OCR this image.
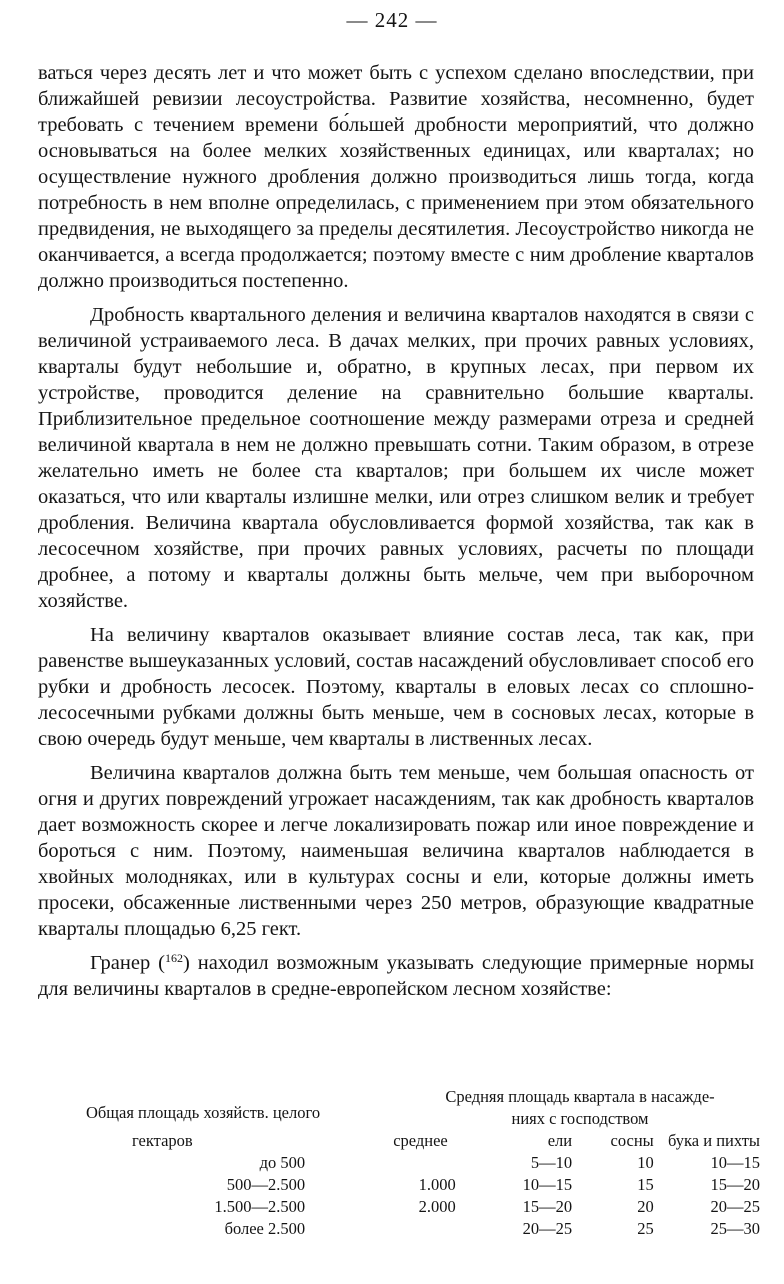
— 242 —

ваться через десять лет и что может быть с успехом сделано впоследствии, при ближайшей ревизии лесоустройства. Развитие хозяйства, несомненно, будет требовать с течением времени бо́льшей дробности мероприятий, что должно основываться на более мелких хозяйственных единицах, или кварталах; но осуществление нужного дробления должно производиться лишь тогда, когда потребность в нем вполне определилась, с применением при этом обязательного предвидения, не выходящего за пределы десятилетия. Лесоустройство никогда не оканчивается, а всегда продолжается; поэтому вместе с ним дробление кварталов должно производиться постепенно.

Дробность квартального деления и величина кварталов находятся в связи с величиной устраиваемого леса. В дачах мелких, при прочих равных условиях, кварталы будут небольшие и, обратно, в крупных лесах, при первом их устройстве, проводится деление на сравнительно большие кварталы. Приблизительное предельное соотношение между размерами отреза и средней величиной квартала в нем не должно превышать сотни. Таким образом, в отрезе желательно иметь не более ста кварталов; при большем их числе может оказаться, что или кварталы излишне мелки, или отрез слишком велик и требует дробления. Величина квартала обусловливается формой хозяйства, так как в лесосечном хозяйстве, при прочих равных условиях, расчеты по площади дробнее, а потому и кварталы должны быть мельче, чем при выборочном хозяйстве.

На величину кварталов оказывает влияние состав леса, так как, при равенстве вышеуказанных условий, состав насаждений обусловливает способ его рубки и дробность лесосек. Поэтому, кварталы в еловых лесах со сплошно-лесосечными рубками должны быть меньше, чем в сосновых лесах, которые в свою очередь будут меньше, чем кварталы в лиственных лесах.

Величина кварталов должна быть тем меньше, чем большая опасность от огня и других повреждений угрожает насаждениям, так как дробность кварталов дает возможность скорее и легче локализировать пожар или иное повреждение и бороться с ним. Поэтому, наименьшая величина кварталов наблюдается в хвойных молодняках, или в культурах сосны и ели, которые должны иметь просеки, обсаженные лиственными через 250 метров, образующие квадратные кварталы площадью 6,25 гект.

Гранер ($^{162}$) находил возможным указывать следующие примерные нормы для величины кварталов в средне-европейском лесном хозяйстве:

Общая площадь хозяйств. целого
Средняя площадь квартала в насажде-
ниях с господством
гектаров	среднее	ели	сосны	бука и пихты
до 500		5—10	10	10—15
500—2.500	1.000	10—15	15	15—20
1.500—2.500	2.000	15—20	20	20—25
более 2.500		20—25	25	25—30
